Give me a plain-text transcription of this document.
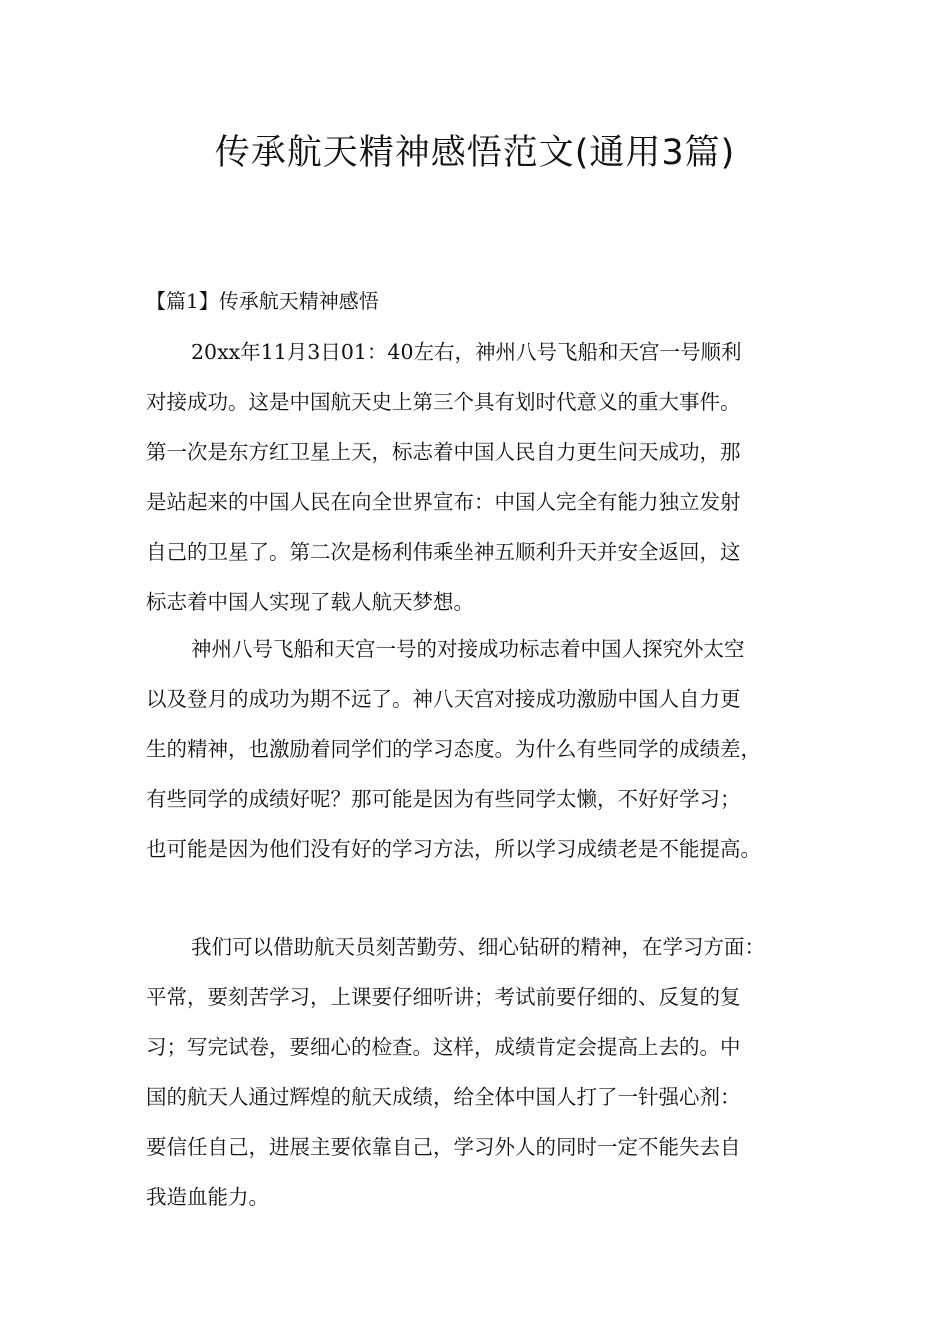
传承航天精神感悟范文(通用3篇)
【篇1】传承航天精神感悟
20xx年11月3日01：40左右，神州八号飞船和天宫一号顺利
对接成功。这是中国航天史上第三个具有划时代意义的重大事件。
第一次是东方红卫星上天，标志着中国人民自力更生问天成功，那
是站起来的中国人民在向全世界宣布：中国人完全有能力独立发射
自己的卫星了。第二次是杨利伟乘坐神五顺利升天并安全返回，这
标志着中国人实现了载人航天梦想。
神州八号飞船和天宫一号的对接成功标志着中国人探究外太空
以及登月的成功为期不远了。神八天宫对接成功激励中国人自力更
生的精神，也激励着同学们的学习态度。为什么有些同学的成绩差，
有些同学的成绩好呢？那可能是因为有些同学太懒，不好好学习；
也可能是因为他们没有好的学习方法，所以学习成绩老是不能提高。
我们可以借助航天员刻苦勤劳、细心钻研的精神，在学习方面：
平常，要刻苦学习，上课要仔细听讲；考试前要仔细的、反复的复
习；写完试卷，要细心的检查。这样，成绩肯定会提高上去的。中
国的航天人通过辉煌的航天成绩，给全体中国人打了一针强心剂：
要信任自己，进展主要依靠自己，学习外人的同时一定不能失去自
我造血能力。
